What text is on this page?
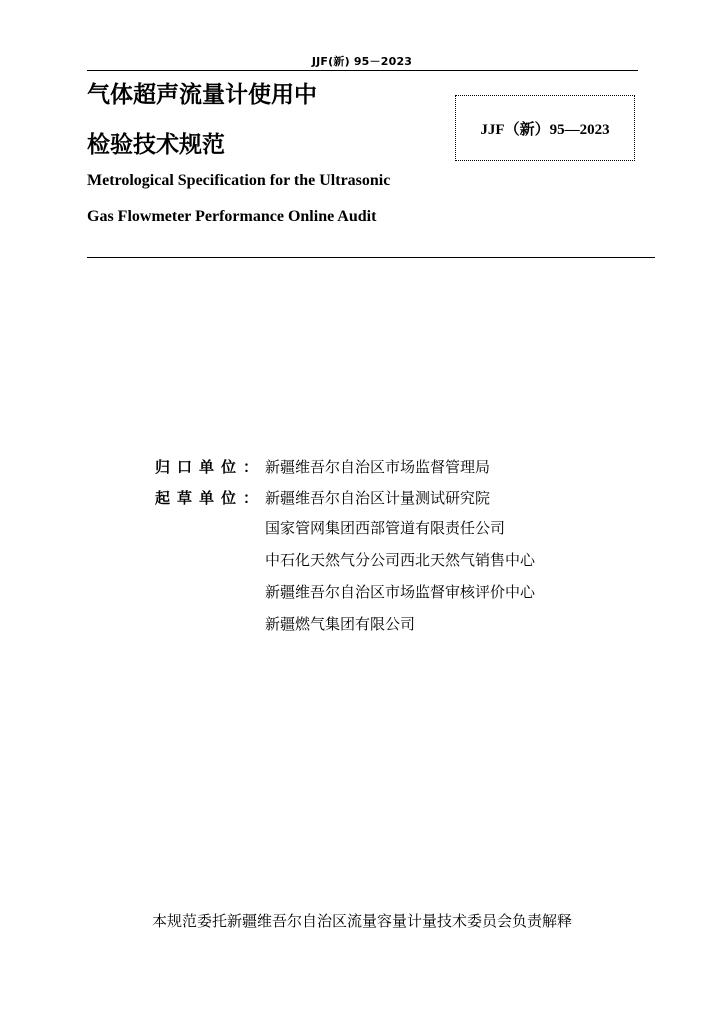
JJF(新) 95－2023
气体超声流量计使用中
检验技术规范
JJF（新）95—2023
Metrological Specification for the Ultrasonic
Gas Flowmeter Performance Online Audit
归口单位： 新疆维吾尔自治区市场监督管理局
起草单位： 新疆维吾尔自治区计量测试研究院
国家管网集团西部管道有限责任公司
中石化天然气分公司西北天然气销售中心
新疆维吾尔自治区市场监督审核评价中心
新疆燃气集团有限公司
本规范委托新疆维吾尔自治区流量容量计量技术委员会负责解释
